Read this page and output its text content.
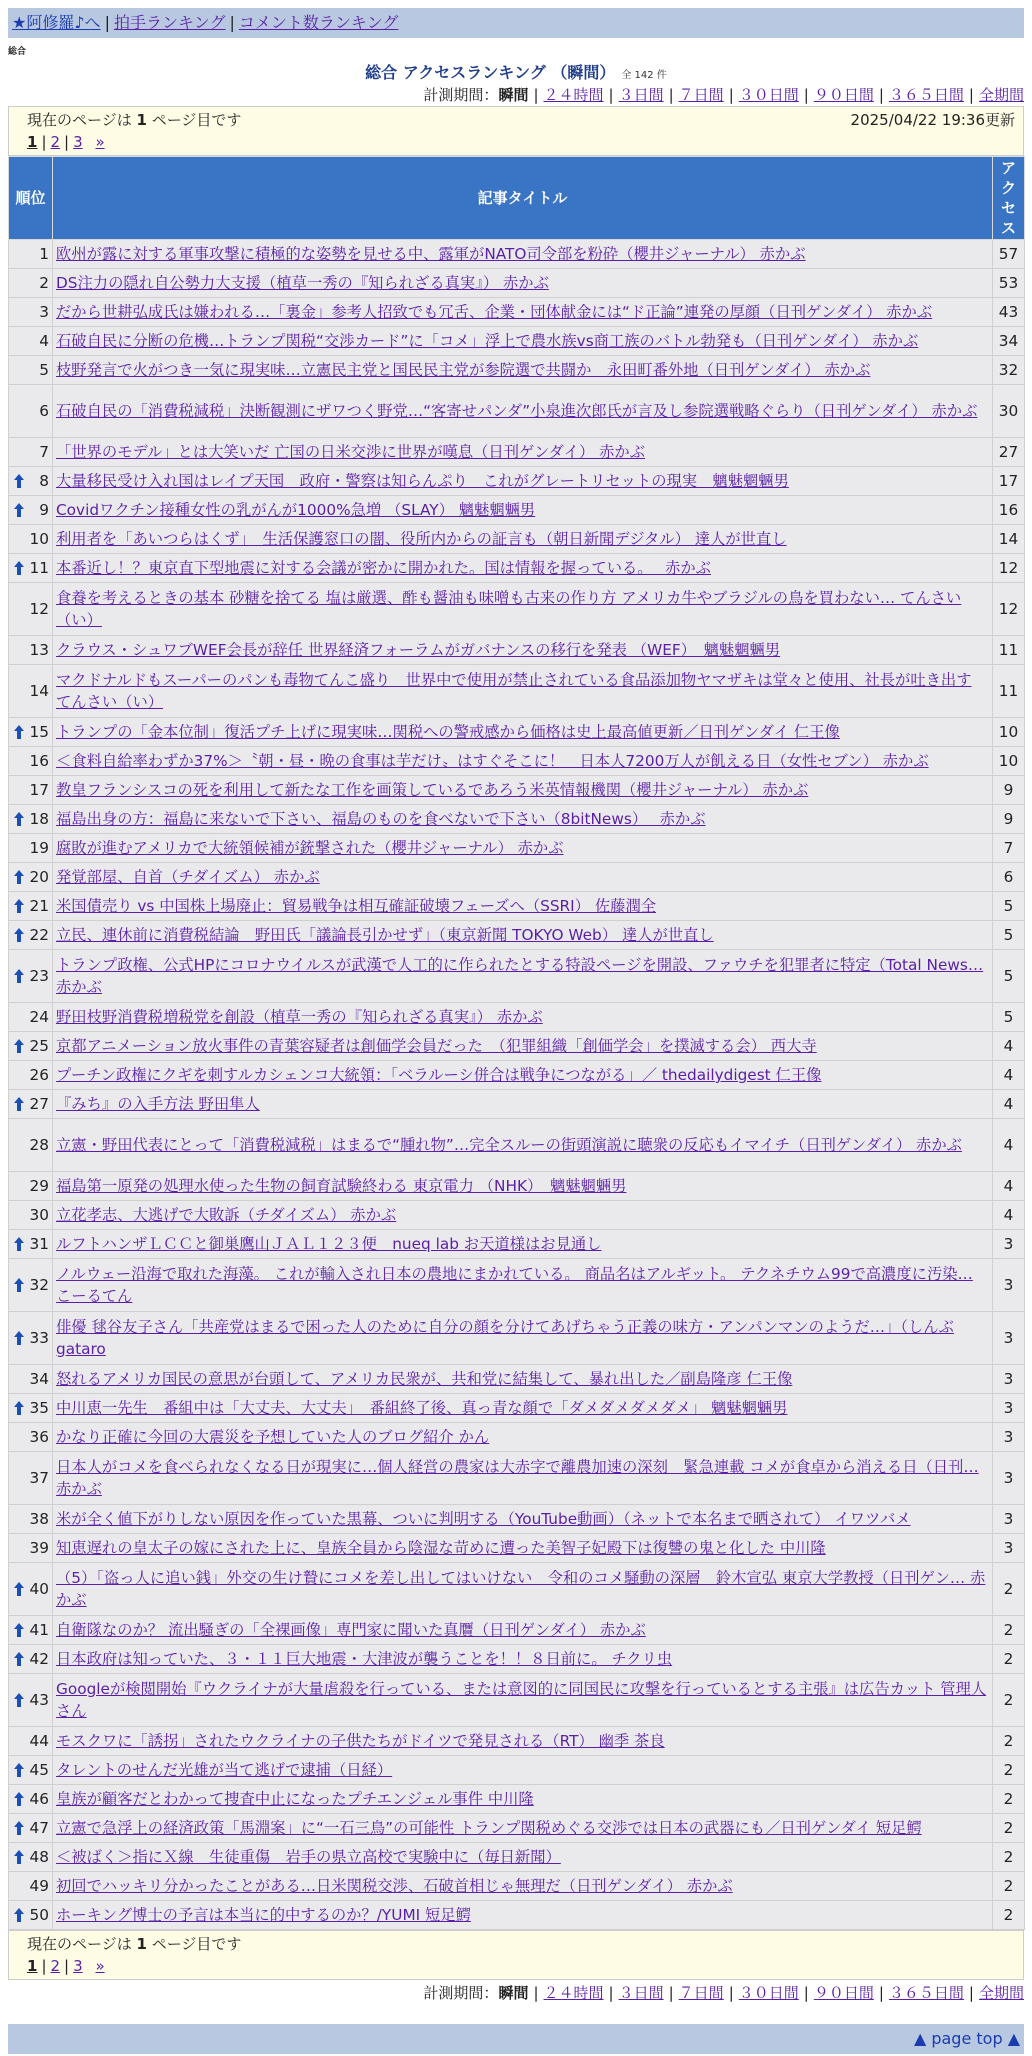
★阿修羅♪へ | 拍手ランキング | コメント数ランキング
総合
総合 アクセスランキング （瞬間） 全 142 件
計測期間：瞬間 | ２４時間 | ３日間 | ７日間 | ３０日間 | ９０日間 | ３６５日間 | 全期間
現在のページは 1 ページ目です	2025/04/22 19:36更新
1 | 2 | 3 »
順位	記事タイトル	アクセス
1	欧州が露に対する軍事攻撃に積極的な姿勢を見せる中、露軍がNATO司令部を粉砕（櫻井ジャーナル） 赤かぶ	57
2	DS注力の隠れ自公勢力大支援（植草一秀の『知られざる真実』） 赤かぶ	53
3	だから世耕弘成氏は嫌われる…「裏金」参考人招致でも冗舌、企業・団体献金には“ド正論”連発の厚顔（日刊ゲンダイ） 赤かぶ	43
4	石破自民に分断の危機…トランプ関税“交渉カード”に「コメ」浮上で農水族vs商工族のバトル勃発も（日刊ゲンダイ） 赤かぶ	34
5	枝野発言で火がつき一気に現実味…立憲民主党と国民民主党が参院選で共闘か　永田町番外地（日刊ゲンダイ） 赤かぶ	32
6	石破自民の「消費税減税」決断観測にザワつく野党…“客寄せパンダ”小泉進次郎氏が言及し参院選戦略ぐらり（日刊ゲンダイ） 赤かぶ	30
7	「世界のモデル」とは大笑いだ 亡国の日米交渉に世界が嘆息（日刊ゲンダイ） 赤かぶ	27

8	大量移民受け入れ国はレイプ天国　政府・警察は知らんぷり　これがグレートリセットの現実　魑魅魍魎男	17

9	Covidワクチン接種女性の乳がんが1000%急増 （SLAY） 魑魅魍魎男	16
10	利用者を「あいつらはくず」　生活保護窓口の闇、役所内からの証言も（朝日新聞デジタル） 達人が世直し	14

11	本番近し！？東京直下型地震に対する会議が密かに開かれた。国は情報を握っている。　 赤かぶ	12
12	食養を考えるときの基本 砂糖を捨てる 塩は厳選、酢も醤油も味噌も古来の作り方 アメリカ牛やブラジルの鳥を買わない… てんさい（い）	12
13	クラウス・シュワブWEF会長が辞任 世界経済フォーラムがガバナンスの移行を発表 （WEF）　魑魅魍魎男	11
14	マクドナルドもスーパーのパンも毒物てんこ盛り　世界中で使用が禁止されている食品添加物ヤマザキは堂々と使用、社長が吐き出す てんさい（い）	11

15	トランプの「金本位制」復活プチ上げに現実味…関税への警戒感から価格は史上最高値更新／日刊ゲンダイ 仁王像	10
16	＜食料自給率わずか37%＞〝朝・昼・晩の食事は芋だけ〟はすぐそこに！　日本人7200万人が飢える日（女性セブン） 赤かぶ	10
17	教皇フランシスコの死を利用して新たな工作を画策しているであろう米英情報機関（櫻井ジャーナル） 赤かぶ	9

18	福島出身の方：福島に来ないで下さい、福島のものを食べないで下さい（8bitNews）　 赤かぶ	9
19	腐敗が進むアメリカで大統領候補が銃撃された（櫻井ジャーナル） 赤かぶ	7

20	発覚部屋、自首（チダイズム） 赤かぶ	6

21	米国債売り vs 中国株上場廃止：貿易戦争は相互確証破壊フェーズへ（SSRI） 佐藤潤全	5

22	立民、連休前に消費税結論　野田氏「議論長引かせず」（東京新聞 TOKYO Web） 達人が世直し	5

23	トランプ政権、公式HPにコロナウイルスが武漢で人工的に作られたとする特設ページを開設、ファウチを犯罪者に特定（Total News… 赤かぶ	5
24	野田枝野消費税増税党を創設（植草一秀の『知られざる真実』） 赤かぶ	5

25	京都アニメーション放火事件の青葉容疑者は創価学会員だった　（犯罪組織「創価学会」を撲滅する会） 西大寺	4
26	プーチン政権にクギを刺すルカシェンコ大統領：「ベラルーシ併合は戦争につながる」／ thedailydigest 仁王像	4

27	『みち』の入手方法 野田隼人	4
28	立憲・野田代表にとって「消費税減税」はまるで“腫れ物”…完全スルーの街頭演説に聴衆の反応もイマイチ（日刊ゲンダイ） 赤かぶ	4
29	福島第一原発の処理水使った生物の飼育試験終わる 東京電力 （NHK）　魑魅魍魎男	4
30	立花孝志、大逃げで大敗訴（チダイズム） 赤かぶ	4

31	ルフトハンザＬＣＣと御巣鷹山ＪＡＬ１２３便　nueq lab お天道様はお見通し	3

32	ノルウェー沿海で取れた海藻。 これが輸入され日本の農地にまかれている。 商品名はアルギット。 テクネチウム99で高濃度に汚染… こーるてん	3

33	俳優 毬谷友子さん「共産党はまるで困った人のために自分の顔を分けてあげちゃう正義の味方・アンパンマンのようだ…」（しんぶ gataro	3
34	怒れるアメリカ国民の意思が台頭して、アメリカ民衆が、共和党に結集して、暴れ出した／副島隆彦 仁王像	3

35	中川恵一先生　番組中は「大丈夫、大丈夫」　番組終了後、真っ青な顔で「ダメダメダメダメ」 魑魅魍魎男	3
36	かなり正確に今回の大震災を予想していた人のブログ紹介 かん	3
37	日本人がコメを食べられなくなる日が現実に…個人経営の農家は大赤字で離農加速の深刻　緊急連載 コメが食卓から消える日（日刊… 赤かぶ	3
38	米が全く値下がりしない原因を作っていた黒幕、ついに判明する（YouTube動画）（ネットで本名まで晒されて） イワツバメ	3
39	知恵遅れの皇太子の嫁にされた上に、皇族全員から陰湿な苛めに遭った美智子妃殿下は復讐の鬼と化した 中川隆	3

40	（5）「盗っ人に追い銭」外交の生け贄にコメを差し出してはいけない　令和のコメ騒動の深層　鈴木宣弘 東京大学教授（日刊ゲン… 赤かぶ	2

41	自衛隊なのか？ 流出騒ぎの「全裸画像」専門家に聞いた真贋（日刊ゲンダイ） 赤かぶ	2

42	日本政府は知っていた、３・１１巨大地震・大津波が襲うことを！！８日前に。 チクリ虫	2

43	Googleが検閲開始『ウクライナが大量虐殺を行っている、または意図的に同国民に攻撃を行っているとする主張』は広告カット 管理人さん	2
44	モスクワに「誘拐」されたウクライナの子供たちがドイツで発見される（RT） 幽季 茶良	2

45	タレントのせんだ光雄が当て逃げで逮捕（日経）	2

46	皇族が顧客だとわかって捜査中止になったプチエンジェル事件 中川隆	2

47	立憲で急浮上の経済政策「馬淵案」に“一石三鳥”の可能性 トランプ関税めぐる交渉では日本の武器にも／日刊ゲンダイ 短足鰐	2

48	＜被ばく＞指にＸ線　生徒重傷　岩手の県立高校で実験中に（毎日新聞）	2
49	初回でハッキリ分かったことがある…日米関税交渉、石破首相じゃ無理だ（日刊ゲンダイ） 赤かぶ	2

50	ホーキング博士の予言は本当に的中するのか？/YUMI 短足鰐	2
現在のページは 1 ページ目です
1 | 2 | 3 »
計測期間：瞬間 | ２４時間 | ３日間 | ７日間 | ３０日間 | ９０日間 | ３６５日間 | 全期間
▲ page top ▲
